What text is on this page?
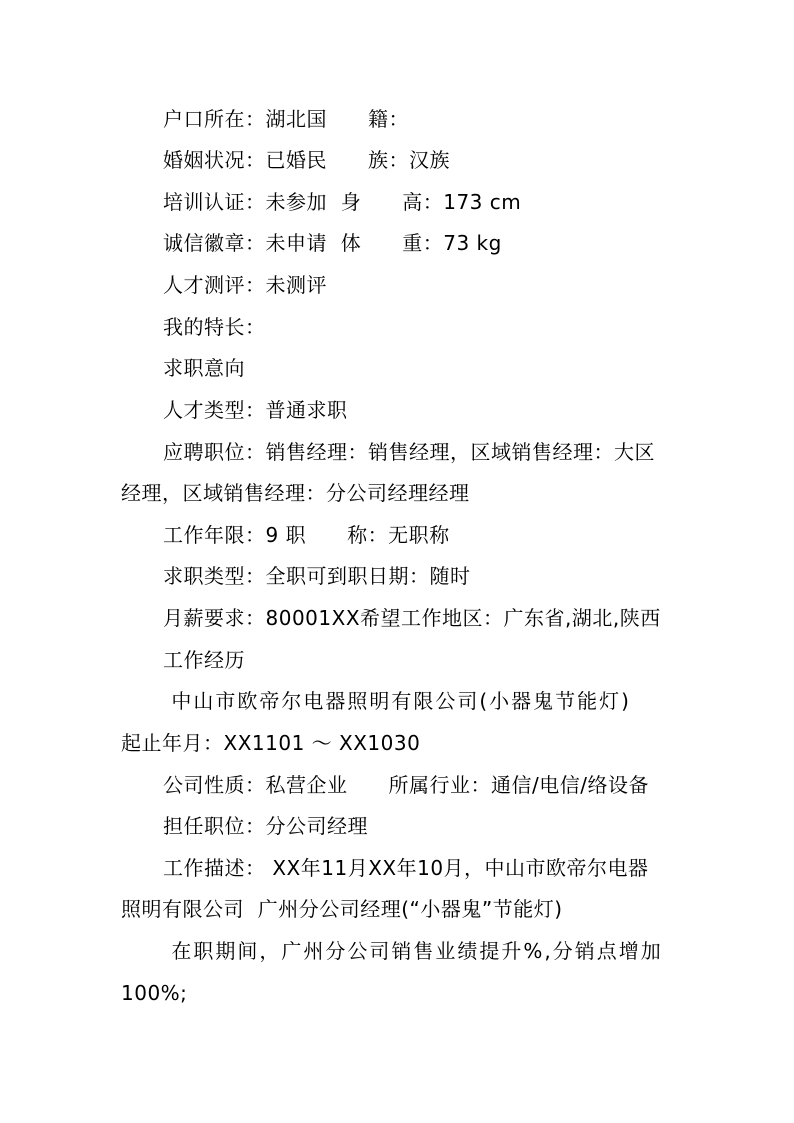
户口所在：湖北国　　籍：
婚姻状况：已婚民　　族：汉族
培训认证：未参加  身　　高：173 cm
诚信徽章：未申请  体　　重：73 kg
人才测评：未测评
我的特长：
求职意向
人才类型：普通求职
应聘职位：销售经理：销售经理，区域销售经理：大区
经理，区域销售经理：分公司经理经理
工作年限：9 职　　称：无职称
求职类型：全职可到职日期：随时
月薪要求：80001XX希望工作地区：广东省,湖北,陕西
工作经历
中山市欧帝尔电器照明有限公司(小器鬼节能灯)
起止年月：XX1101 ～ XX1030
公司性质：私营企业　　所属行业：通信/电信/络设备
担任职位：分公司经理
工作描述： XX年11月XX年10月，中山市欧帝尔电器
照明有限公司  广州分公司经理(“小器鬼”节能灯)
在职期间，广州分公司销售业绩提升%,分销点增加
100%;
